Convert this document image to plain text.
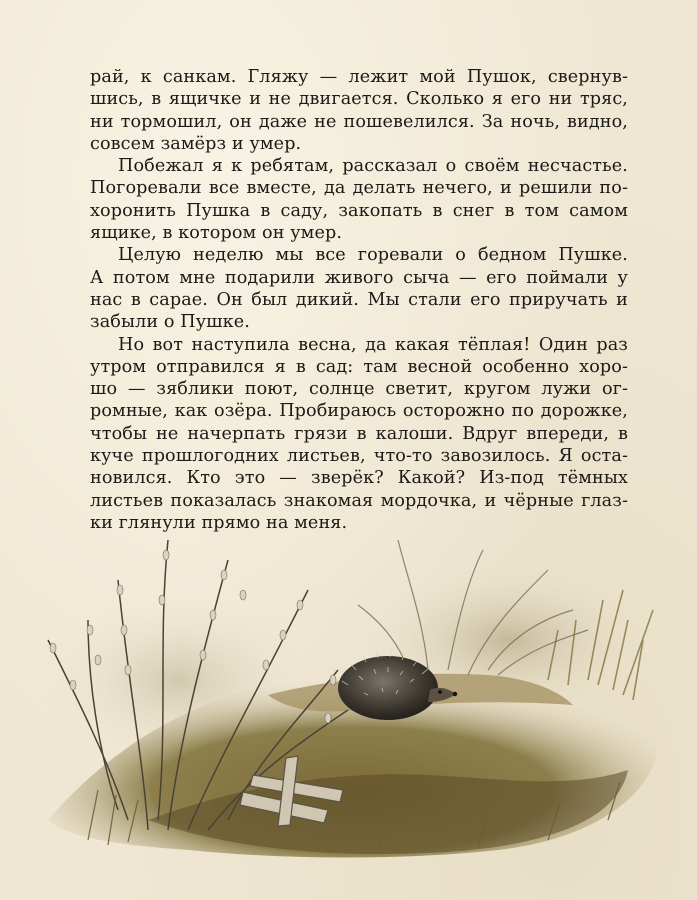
рай, к санкам. Гляжу — лежит мой Пушок, свернув-
шись, в ящичке и не двигается. Сколько я его ни тряс,
ни тормошил, он даже не пошевелился. За ночь, видно,
совсем замёрз и умер.
Побежал я к ребятам, рассказал о своём несчастье.
Погоревали все вместе, да делать нечего, и решили по-
хоронить Пушка в саду, закопать в снег в том самом
ящике, в котором он умер.
Целую неделю мы все горевали о бедном Пушке.
А потом мне подарили живого сыча — его поймали у
нас в сарае. Он был дикий. Мы стали его приручать и
забыли о Пушке.
Но вот наступила весна, да какая тёплая! Один раз
утром отправился я в сад: там весной особенно хоро-
шо — зяблики поют, солнце светит, кругом лужи ог-
ромные, как озёра. Пробираюсь осторожно по дорожке,
чтобы не начерпать грязи в калоши. Вдруг впереди, в
куче прошлогодних листьев, что-то завозилось. Я оста-
новился. Кто это — зверёк? Какой? Из-под тёмных
листьев показалась знакомая мордочка, и чёрные глаз-
ки глянули прямо на меня.
